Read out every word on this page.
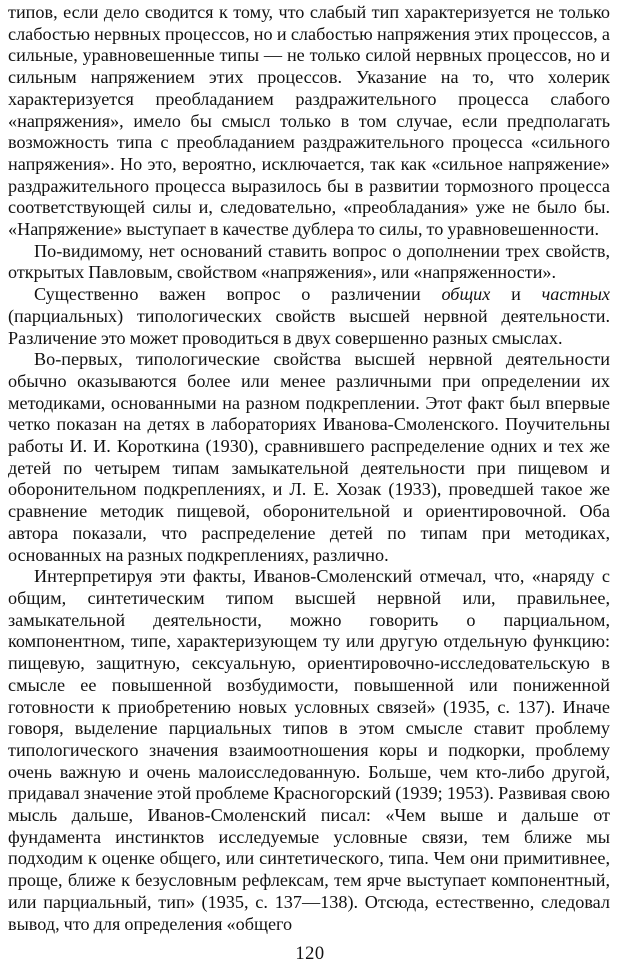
типов, если дело сводится к тому, что слабый тип характеризуется не только слабостью нервных процессов, но и слабостью напряжения этих процессов, а сильные, уравновешенные типы — не только силой нервных процессов, но и сильным напряжением этих процессов. Указание на то, что холерик характеризуется преобладанием раздражительного процесса слабого «напряжения», имело бы смысл только в том случае, если предполагать возможность типа с преобладанием раздражительного процесса «сильного напряжения». Но это, вероятно, исключается, так как «сильное напряжение» раздражительного процесса выразилось бы в развитии тормозного процесса соответствующей силы и, следовательно, «преобладания» уже не было бы. «Напряжение» выступает в качестве дублера то силы, то уравновешенности.

По-видимому, нет оснований ставить вопрос о дополнении трех свойств, открытых Павловым, свойством «напряжения», или «напряженности».

Существенно важен вопрос о различении общих и частных (парциальных) типологических свойств высшей нервной деятельности. Различение это может проводиться в двух совершенно разных смыслах.

Во-первых, типологические свойства высшей нервной деятельности обычно оказываются более или менее различными при определении их методиками, основанными на разном подкреплении. Этот факт был впервые четко показан на детях в лабораториях Иванова-Смоленского. Поучительны работы И. И. Короткина (1930), сравнившего распределение одних и тех же детей по четырем типам замыкательной деятельности при пищевом и оборонительном подкреплениях, и Л. Е. Хозак (1933), проведшей такое же сравнение методик пищевой, оборонительной и ориентировочной. Оба автора показали, что распределение детей по типам при методиках, основанных на разных подкреплениях, различно.

Интерпретируя эти факты, Иванов-Смоленский отмечал, что, «наряду с общим, синтетическим типом высшей нервной или, правильнее, замыкательной деятельности, можно говорить о парциальном, компонентном, типе, характеризующем ту или другую отдельную функцию: пищевую, защитную, сексуальную, ориентировочно-исследовательскую в смысле ее повышенной возбудимости, повышенной или пониженной готовности к приобретению новых условных связей» (1935, с. 137). Иначе говоря, выделение парциальных типов в этом смысле ставит проблему типологического значения взаимоотношения коры и подкорки, проблему очень важную и очень малоисследованную. Больше, чем кто-либо другой, придавал значение этой проблеме Красногорский (1939; 1953). Развивая свою мысль дальше, Иванов-Смоленский писал: «Чем выше и дальше от фундамента инстинктов исследуемые условные связи, тем ближе мы подходим к оценке общего, или синтетического, типа. Чем они примитивнее, проще, ближе к безусловным рефлексам, тем ярче выступает компонентный, или парциальный, тип» (1935, с. 137—138). Отсюда, естественно, следовал вывод, что для определения «общего

120
